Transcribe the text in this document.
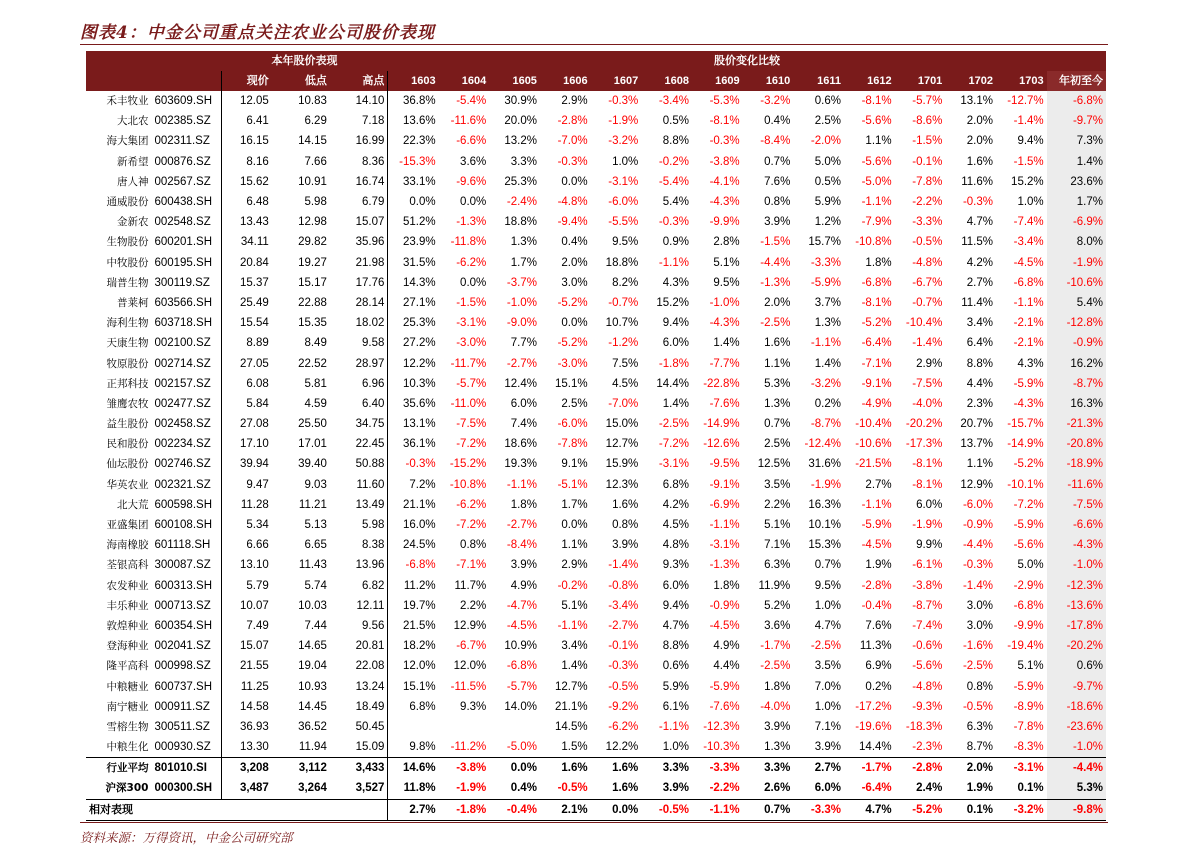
图表4：中金公司重点关注农业公司股价表现
		本年股价表现			股价变化比较													
		现价	低点	高点	1603	1604	1605	1606	1607	1608	1609	1610	1611	1612	1701	1702	1703	年初至今
禾丰牧业	603609.SH	12.05	10.83	14.10	36.8%	-5.4%	30.9%	2.9%	-0.3%	-3.4%	-5.3%	-3.2%	0.6%	-8.1%	-5.7%	13.1%	-12.7%	-6.8%
大北农	002385.SZ	6.41	6.29	7.18	13.6%	-11.6%	20.0%	-2.8%	-1.9%	0.5%	-8.1%	0.4%	2.5%	-5.6%	-8.6%	2.0%	-1.4%	-9.7%
海大集团	002311.SZ	16.15	14.15	16.99	22.3%	-6.6%	13.2%	-7.0%	-3.2%	8.8%	-0.3%	-8.4%	-2.0%	1.1%	-1.5%	2.0%	9.4%	7.3%
新希望	000876.SZ	8.16	7.66	8.36	-15.3%	3.6%	3.3%	-0.3%	1.0%	-0.2%	-3.8%	0.7%	5.0%	-5.6%	-0.1%	1.6%	-1.5%	1.4%
唐人神	002567.SZ	15.62	10.91	16.74	33.1%	-9.6%	25.3%	0.0%	-3.1%	-5.4%	-4.1%	7.6%	0.5%	-5.0%	-7.8%	11.6%	15.2%	23.6%
通威股份	600438.SH	6.48	5.98	6.79	0.0%	0.0%	-2.4%	-4.8%	-6.0%	5.4%	-4.3%	0.8%	5.9%	-1.1%	-2.2%	-0.3%	1.0%	1.7%
金新农	002548.SZ	13.43	12.98	15.07	51.2%	-1.3%	18.8%	-9.4%	-5.5%	-0.3%	-9.9%	3.9%	1.2%	-7.9%	-3.3%	4.7%	-7.4%	-6.9%
生物股份	600201.SH	34.11	29.82	35.96	23.9%	-11.8%	1.3%	0.4%	9.5%	0.9%	2.8%	-1.5%	15.7%	-10.8%	-0.5%	11.5%	-3.4%	8.0%
中牧股份	600195.SH	20.84	19.27	21.98	31.5%	-6.2%	1.7%	2.0%	18.8%	-1.1%	5.1%	-4.4%	-3.3%	1.8%	-4.8%	4.2%	-4.5%	-1.9%
瑞普生物	300119.SZ	15.37	15.17	17.76	14.3%	0.0%	-3.7%	3.0%	8.2%	4.3%	9.5%	-1.3%	-5.9%	-6.8%	-6.7%	2.7%	-6.8%	-10.6%
普莱柯	603566.SH	25.49	22.88	28.14	27.1%	-1.5%	-1.0%	-5.2%	-0.7%	15.2%	-1.0%	2.0%	3.7%	-8.1%	-0.7%	11.4%	-1.1%	5.4%
海利生物	603718.SH	15.54	15.35	18.02	25.3%	-3.1%	-9.0%	0.0%	10.7%	9.4%	-4.3%	-2.5%	1.3%	-5.2%	-10.4%	3.4%	-2.1%	-12.8%
天康生物	002100.SZ	8.89	8.49	9.58	27.2%	-3.0%	7.7%	-5.2%	-1.2%	6.0%	1.4%	1.6%	-1.1%	-6.4%	-1.4%	6.4%	-2.1%	-0.9%
牧原股份	002714.SZ	27.05	22.52	28.97	12.2%	-11.7%	-2.7%	-3.0%	7.5%	-1.8%	-7.7%	1.1%	1.4%	-7.1%	2.9%	8.8%	4.3%	16.2%
正邦科技	002157.SZ	6.08	5.81	6.96	10.3%	-5.7%	12.4%	15.1%	4.5%	14.4%	-22.8%	5.3%	-3.2%	-9.1%	-7.5%	4.4%	-5.9%	-8.7%
雏鹰农牧	002477.SZ	5.84	4.59	6.40	35.6%	-11.0%	6.0%	2.5%	-7.0%	1.4%	-7.6%	1.3%	0.2%	-4.9%	-4.0%	2.3%	-4.3%	16.3%
益生股份	002458.SZ	27.08	25.50	34.75	13.1%	-7.5%	7.4%	-6.0%	15.0%	-2.5%	-14.9%	0.7%	-8.7%	-10.4%	-20.2%	20.7%	-15.7%	-21.3%
民和股份	002234.SZ	17.10	17.01	22.45	36.1%	-7.2%	18.6%	-7.8%	12.7%	-7.2%	-12.6%	2.5%	-12.4%	-10.6%	-17.3%	13.7%	-14.9%	-20.8%
仙坛股份	002746.SZ	39.94	39.40	50.88	-0.3%	-15.2%	19.3%	9.1%	15.9%	-3.1%	-9.5%	12.5%	31.6%	-21.5%	-8.1%	1.1%	-5.2%	-18.9%
华英农业	002321.SZ	9.47	9.03	11.60	7.2%	-10.8%	-1.1%	-5.1%	12.3%	6.8%	-9.1%	3.5%	-1.9%	2.7%	-8.1%	12.9%	-10.1%	-11.6%
北大荒	600598.SH	11.28	11.21	13.49	21.1%	-6.2%	1.8%	1.7%	1.6%	4.2%	-6.9%	2.2%	16.3%	-1.1%	6.0%	-6.0%	-7.2%	-7.5%
亚盛集团	600108.SH	5.34	5.13	5.98	16.0%	-7.2%	-2.7%	0.0%	0.8%	4.5%	-1.1%	5.1%	10.1%	-5.9%	-1.9%	-0.9%	-5.9%	-6.6%
海南橡胶	601118.SH	6.66	6.65	8.38	24.5%	0.8%	-8.4%	1.1%	3.9%	4.8%	-3.1%	7.1%	15.3%	-4.5%	9.9%	-4.4%	-5.6%	-4.3%
荃银高科	300087.SZ	13.10	11.43	13.96	-6.8%	-7.1%	3.9%	2.9%	-1.4%	9.3%	-1.3%	6.3%	0.7%	1.9%	-6.1%	-0.3%	5.0%	-1.0%
农发种业	600313.SH	5.79	5.74	6.82	11.2%	11.7%	4.9%	-0.2%	-0.8%	6.0%	1.8%	11.9%	9.5%	-2.8%	-3.8%	-1.4%	-2.9%	-12.3%
丰乐种业	000713.SZ	10.07	10.03	12.11	19.7%	2.2%	-4.7%	5.1%	-3.4%	9.4%	-0.9%	5.2%	1.0%	-0.4%	-8.7%	3.0%	-6.8%	-13.6%
敦煌种业	600354.SH	7.49	7.44	9.56	21.5%	12.9%	-4.5%	-1.1%	-2.7%	4.7%	-4.5%	3.6%	4.7%	7.6%	-7.4%	3.0%	-9.9%	-17.8%
登海种业	002041.SZ	15.07	14.65	20.81	18.2%	-6.7%	10.9%	3.4%	-0.1%	8.8%	4.9%	-1.7%	-2.5%	11.3%	-0.6%	-1.6%	-19.4%	-20.2%
隆平高科	000998.SZ	21.55	19.04	22.08	12.0%	12.0%	-6.8%	1.4%	-0.3%	0.6%	4.4%	-2.5%	3.5%	6.9%	-5.6%	-2.5%	5.1%	0.6%
中粮糖业	600737.SH	11.25	10.93	13.24	15.1%	-11.5%	-5.7%	12.7%	-0.5%	5.9%	-5.9%	1.8%	7.0%	0.2%	-4.8%	0.8%	-5.9%	-9.7%
南宁糖业	000911.SZ	14.58	14.45	18.49	6.8%	9.3%	14.0%	21.1%	-9.2%	6.1%	-7.6%	-4.0%	1.0%	-17.2%	-9.3%	-0.5%	-8.9%	-18.6%
雪榕生物	300511.SZ	36.93	36.52	50.45				14.5%	-6.2%	-1.1%	-12.3%	3.9%	7.1%	-19.6%	-18.3%	6.3%	-7.8%	-23.6%
中粮生化	000930.SZ	13.30	11.94	15.09	9.8%	-11.2%	-5.0%	1.5%	12.2%	1.0%	-10.3%	1.3%	3.9%	14.4%	-2.3%	8.7%	-8.3%	-1.0%
行业平均	801010.SI	3,208	3,112	3,433	14.6%	-3.8%	0.0%	1.6%	1.6%	3.3%	-3.3%	3.3%	2.7%	-1.7%	-2.8%	2.0%	-3.1%	-4.4%
沪深300	000300.SH	3,487	3,264	3,527	11.8%	-1.9%	0.4%	-0.5%	1.6%	3.9%	-2.2%	2.6%	6.0%	-6.4%	2.4%	1.9%	0.1%	5.3%
相对表现					2.7%	-1.8%	-0.4%	2.1%	0.0%	-0.5%	-1.1%	0.7%	-3.3%	4.7%	-5.2%	0.1%	-3.2%	-9.8%
资料来源：万得资讯，中金公司研究部
